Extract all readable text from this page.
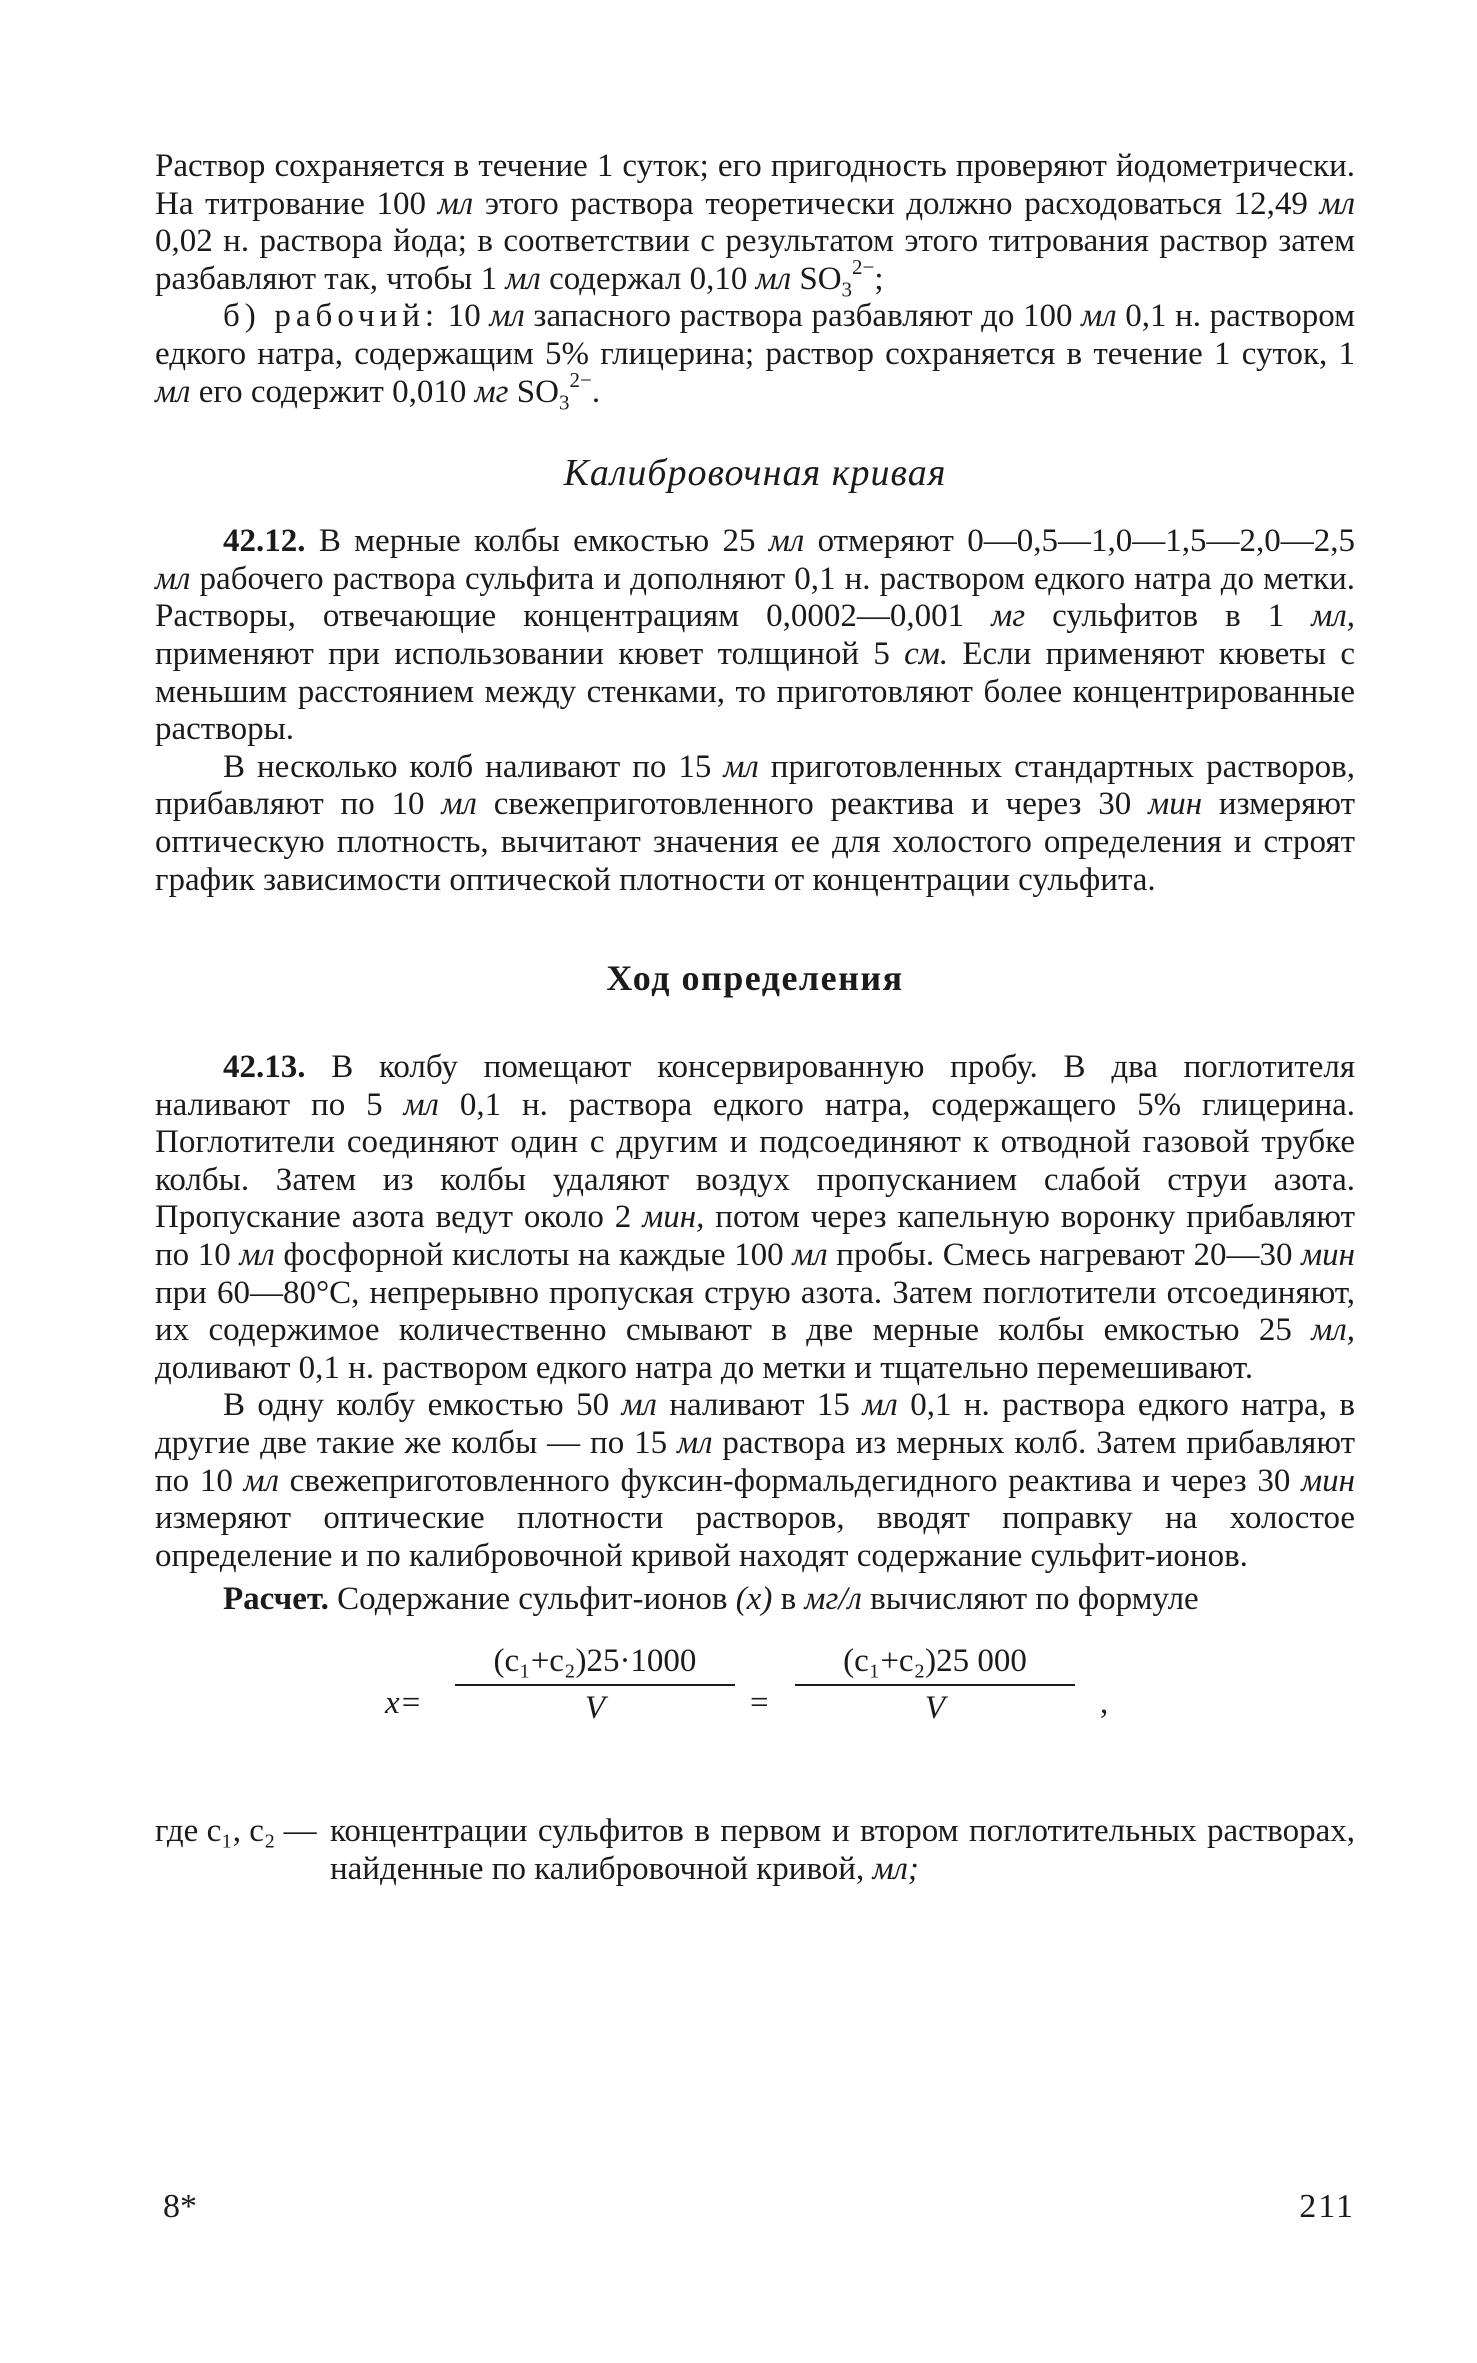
Раствор сохраняется в течение 1 суток; его пригодность проверяют йодометрически. На титрование 100 мл этого раствора теоретически должно расходоваться 12,49 мл 0,02 н. раствора йода; в соответствии с результатом этого титрования раствор затем разбавляют так, чтобы 1 мл содержал 0,10 мл $SO_3^{2-}$;

б) рабочий: 10 мл запасного раствора разбавляют до 100 мл 0,1 н. раствором едкого натра, содержащим 5% глицерина; раствор сохраняется в течение 1 суток, 1 мл его содержит 0,010 мг $SO_3^{2-}$.

Калибровочная кривая

42.12. В мерные колбы емкостью 25 мл отмеряют 0—0,5—1,0—1,5—2,0—2,5 мл рабочего раствора сульфита и дополняют 0,1 н. раствором едкого натра до метки. Растворы, отвечающие концентрациям 0,0002—0,001 мг сульфитов в 1 мл, применяют при использовании кювет толщиной 5 см. Если применяют кюветы с меньшим расстоянием между стенками, то приготовляют более концентрированные растворы.

В несколько колб наливают по 15 мл приготовленных стандартных растворов, прибавляют по 10 мл свежеприготовленного реактива и через 30 мин измеряют оптическую плотность, вычитают значения ее для холостого определения и строят график зависимости оптической плотности от концентрации сульфита.

Ход определения

42.13. В колбу помещают консервированную пробу. В два поглотителя наливают по 5 мл 0,1 н. раствора едкого натра, содержащего 5% глицерина. Поглотители соединяют один с другим и подсоединяют к отводной газовой трубке колбы. Затем из колбы удаляют воздух пропусканием слабой струи азота. Пропускание азота ведут около 2 мин, потом через капельную воронку прибавляют по 10 мл фосфорной кислоты на каждые 100 мл пробы. Смесь нагревают 20—30 мин при 60—80°С, непрерывно пропуская струю азота. Затем поглотители отсоединяют, их содержимое количественно смывают в две мерные колбы емкостью 25 мл, доливают 0,1 н. раствором едкого натра до метки и тщательно перемешивают.

В одну колбу емкостью 50 мл наливают 15 мл 0,1 н. раствора едкого натра, в другие две такие же колбы — по 15 мл раствора из мерных колб. Затем прибавляют по 10 мл свежеприготовленного фуксин-формальдегидного реактива и через 30 мин измеряют оптические плотности растворов, вводят поправку на холостое определение и по калибровочной кривой находят содержание сульфит-ионов.

Расчет. Содержание сульфит-ионов (x) в мг/л вычисляют по формуле

$x= \frac{\text{(c₁+c₂)25·1000}}{V} = \frac{\text{(c₁+c₂)25 000}}{V}$ ,
где c₁, c₂ — концентрации сульфитов в первом и втором поглотительных растворах, найденные по калибровочной кривой, мл;
8*	211
